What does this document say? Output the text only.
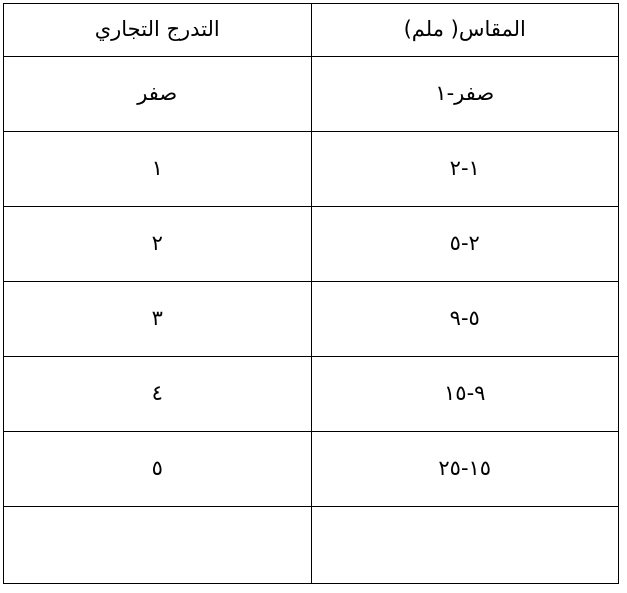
المقاس( ملم)	التدرج التجاري

صفر-١	صفر

١-٢	١

٢-٥	٢

٥-٩	٣

٩-١٥	٤

١٥-٢٥	٥
